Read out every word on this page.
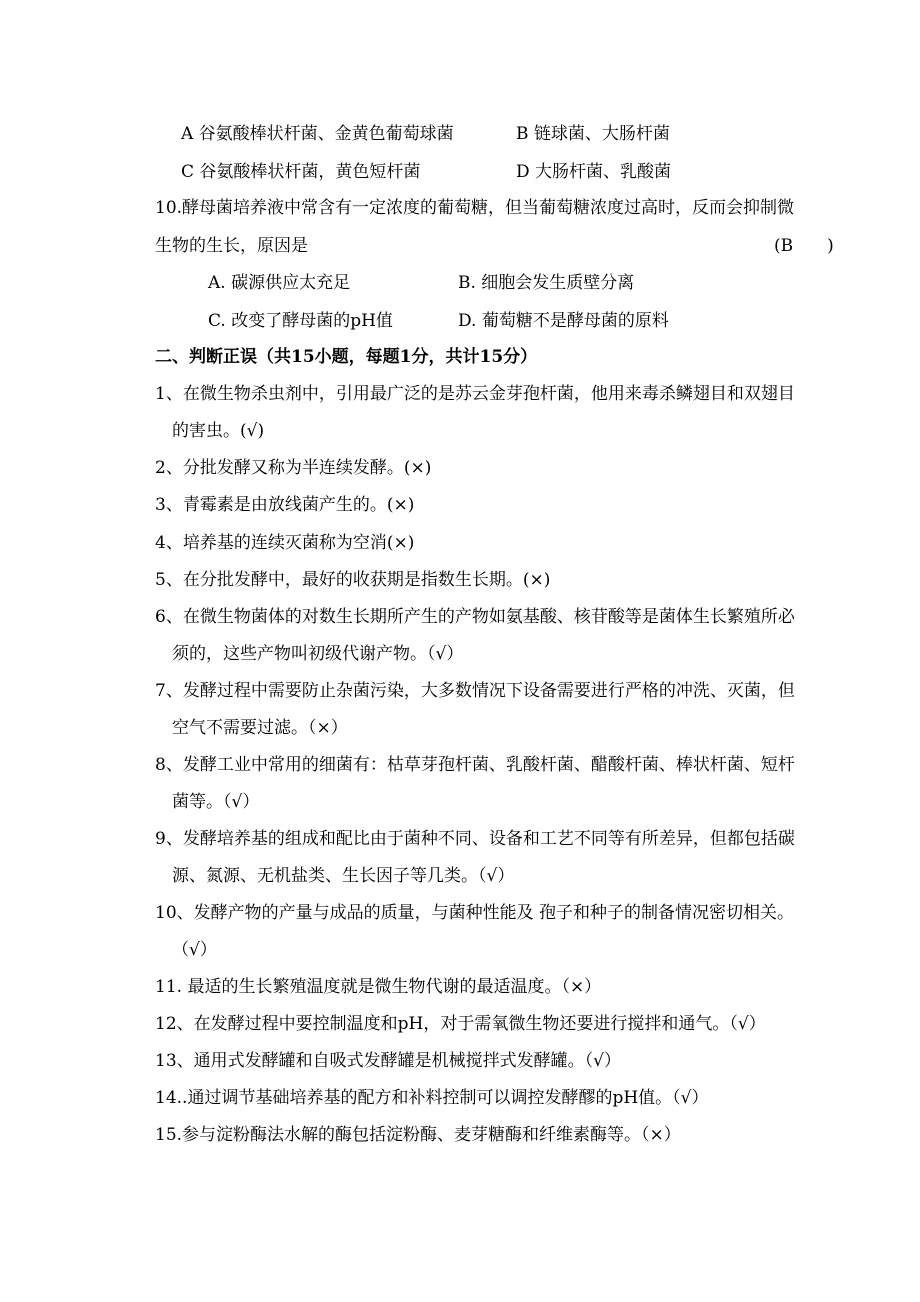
A 谷氨酸棒状杆菌、金黄色葡萄球菌	B 链球菌、大肠杆菌
C 谷氨酸棒状杆菌，黄色短杆菌	D 大肠杆菌、乳酸菌
10.酵母菌培养液中常含有一定浓度的葡萄糖，但当葡萄糖浓度过高时，反而会抑制微
生物的生长，原因是	(B　　)
A. 碳源供应太充足	B. 细胞会发生质壁分离
C. 改变了酵母菌的pH值	D. 葡萄糖不是酵母菌的原料
二、判断正误（共15小题，每题1分，共计15分）
1、在微生物杀虫剂中，引用最广泛的是苏云金芽孢杆菌，他用来毒杀鳞翅目和双翅目
的害虫。(√)
2、分批发酵又称为半连续发酵。(×)
3、青霉素是由放线菌产生的。(×)
4、培养基的连续灭菌称为空消(×)
5、在分批发酵中，最好的收获期是指数生长期。(×)
6、在微生物菌体的对数生长期所产生的产物如氨基酸、核苷酸等是菌体生长繁殖所必
须的，这些产物叫初级代谢产物。（√）
7、发酵过程中需要防止杂菌污染，大多数情况下设备需要进行严格的冲洗、灭菌，但
空气不需要过滤。（×）
8、发酵工业中常用的细菌有：枯草芽孢杆菌、乳酸杆菌、醋酸杆菌、棒状杆菌、短杆
菌等。（√）
9、发酵培养基的组成和配比由于菌种不同、设备和工艺不同等有所差异，但都包括碳
源、氮源、无机盐类、生长因子等几类。（√）
10、发酵产物的产量与成品的质量，与菌种性能及 孢子和种子的制备情况密切相关。
（√）
11. 最适的生长繁殖温度就是微生物代谢的最适温度。（×）
12、在发酵过程中要控制温度和pH，对于需氧微生物还要进行搅拌和通气。（√）
13、通用式发酵罐和自吸式发酵罐是机械搅拌式发酵罐。（√）
14..通过调节基础培养基的配方和补料控制可以调控发酵醪的pH值。（√）
15.参与淀粉酶法水解的酶包括淀粉酶、麦芽糖酶和纤维素酶等。（×）
